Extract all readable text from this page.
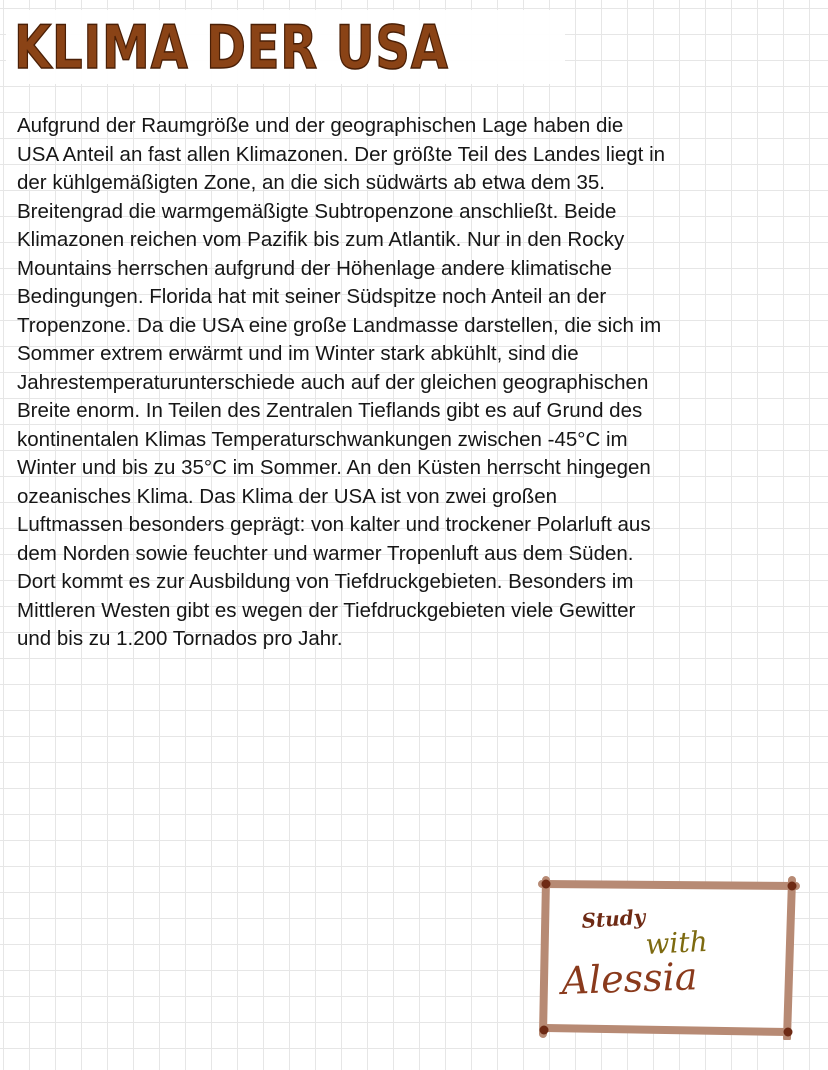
KLIMA DER USA

Aufgrund der Raumgröße und der geographischen Lage haben die
USA Anteil an fast allen Klimazonen. Der größte Teil des Landes liegt in
der kühlgemäßigten Zone, an die sich südwärts ab etwa dem 35.
Breitengrad die warmgemäßigte Subtropenzone anschließt. Beide
Klimazonen reichen vom Pazifik bis zum Atlantik. Nur in den Rocky
Mountains herrschen aufgrund der Höhenlage andere klimatische
Bedingungen. Florida hat mit seiner Südspitze noch Anteil an der
Tropenzone. Da die USA eine große Landmasse darstellen, die sich im
Sommer extrem erwärmt und im Winter stark abkühlt, sind die
Jahrestemperaturunterschiede auch auf der gleichen geographischen
Breite enorm. In Teilen des Zentralen Tieflands gibt es auf Grund des
kontinentalen Klimas Temperaturschwankungen zwischen -45°C im
Winter und bis zu 35°C im Sommer. An den Küsten herrscht hingegen
ozeanisches Klima. Das Klima der USA ist von zwei großen
Luftmassen besonders geprägt: von kalter und trockener Polarluft aus
dem Norden sowie feuchter und warmer Tropenluft aus dem Süden.
Dort kommt es zur Ausbildung von Tiefdruckgebieten. Besonders im
Mittleren Westen gibt es wegen der Tiefdruckgebieten viele Gewitter
und bis zu 1.200 Tornados pro Jahr.

Study
with
Alessia
